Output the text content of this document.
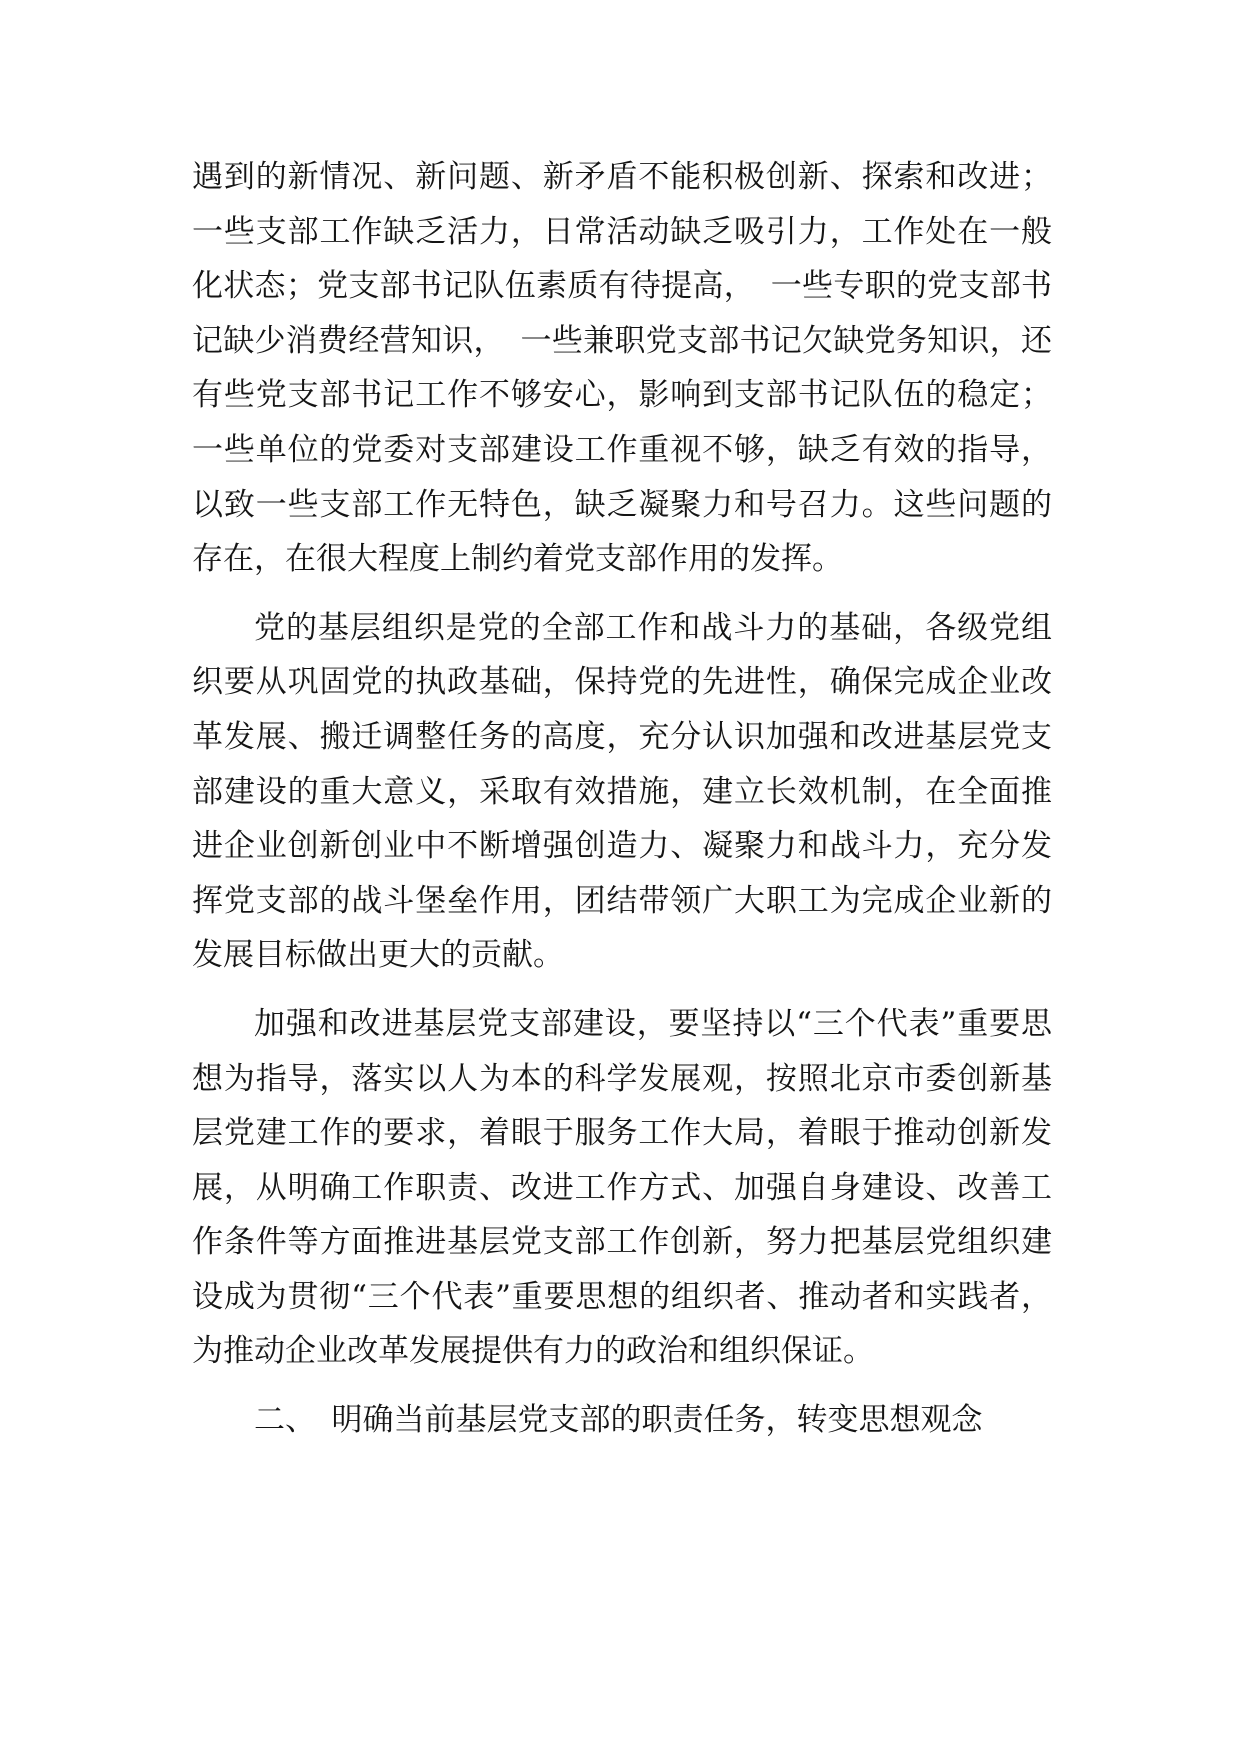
遇到的新情况、新问题、新矛盾不能积极创新、探索和改进；一些支部工作缺乏活力，日常活动缺乏吸引力，工作处在一般化状态；党支部书记队伍素质有待提高，　一些专职的党支部书记缺少消费经营知识，　一些兼职党支部书记欠缺党务知识，还有些党支部书记工作不够安心，影响到支部书记队伍的稳定；一些单位的党委对支部建设工作重视不够，缺乏有效的指导，以致一些支部工作无特色，缺乏凝聚力和号召力。这些问题的存在，在很大程度上制约着党支部作用的发挥。

党的基层组织是党的全部工作和战斗力的基础，各级党组织要从巩固党的执政基础，保持党的先进性，确保完成企业改革发展、搬迁调整任务的高度，充分认识加强和改进基层党支部建设的重大意义，采取有效措施，建立长效机制，在全面推进企业创新创业中不断增强创造力、凝聚力和战斗力，充分发挥党支部的战斗堡垒作用，团结带领广大职工为完成企业新的发展目标做出更大的贡献。

加强和改进基层党支部建设，要坚持以“三个代表”重要思想为指导，落实以人为本的科学发展观，按照北京市委创新基层党建工作的要求，着眼于服务工作大局，着眼于推动创新发展，从明确工作职责、改进工作方式、加强自身建设、改善工作条件等方面推进基层党支部工作创新，努力把基层党组织建设成为贯彻“三个代表”重要思想的组织者、推动者和实践者，为推动企业改革发展提供有力的政治和组织保证。

二、　明确当前基层党支部的职责任务，转变思想观念
